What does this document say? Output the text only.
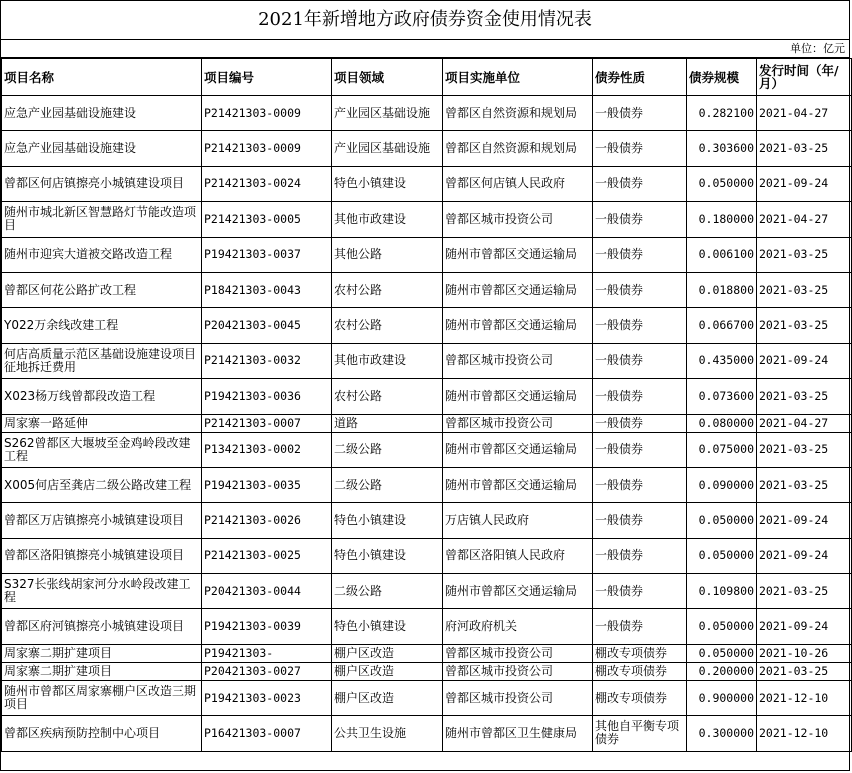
2021年新增地方政府债券资金使用情况表
单位：亿元
项目名称	项目编号	项目领域	项目实施单位	债券性质	债券规模	发行时间（年/月）
应急产业园基础设施建设	P21421303-0009	产业园区基础设施	曾都区自然资源和规划局	一般债券	0.282100	2021-04-27
应急产业园基础设施建设	P21421303-0009	产业园区基础设施	曾都区自然资源和规划局	一般债券	0.303600	2021-03-25
曾都区何店镇擦亮小城镇建设项目	P21421303-0024	特色小镇建设	曾都区何店镇人民政府	一般债券	0.050000	2021-09-24
随州市城北新区智慧路灯节能改造项目	P21421303-0005	其他市政建设	曾都区城市投资公司	一般债券	0.180000	2021-04-27
随州市迎宾大道被交路改造工程	P19421303-0037	其他公路	随州市曾都区交通运输局	一般债券	0.006100	2021-03-25
曾都区何花公路扩改工程	P18421303-0043	农村公路	随州市曾都区交通运输局	一般债券	0.018800	2021-03-25
Y022万余线改建工程	P20421303-0045	农村公路	随州市曾都区交通运输局	一般债券	0.066700	2021-03-25
何店高质量示范区基础设施建设项目征地拆迁费用	P21421303-0032	其他市政建设	曾都区城市投资公司	一般债券	0.435000	2021-09-24
X023杨万线曾都段改造工程	P19421303-0036	农村公路	随州市曾都区交通运输局	一般债券	0.073600	2021-03-25
周家寨一路延伸	P21421303-0007	道路	曾都区城市投资公司	一般债券	0.080000	2021-04-27
S262曾都区大堰坡至金鸡岭段改建工程	P13421303-0002	二级公路	随州市曾都区交通运输局	一般债券	0.075000	2021-03-25
X005何店至龚店二级公路改建工程	P19421303-0035	二级公路	随州市曾都区交通运输局	一般债券	0.090000	2021-03-25
曾都区万店镇擦亮小城镇建设项目	P21421303-0026	特色小镇建设	万店镇人民政府	一般债券	0.050000	2021-09-24
曾都区洛阳镇擦亮小城镇建设项目	P21421303-0025	特色小镇建设	曾都区洛阳镇人民政府	一般债券	0.050000	2021-09-24
S327长张线胡家河分水岭段改建工程	P20421303-0044	二级公路	随州市曾都区交通运输局	一般债券	0.109800	2021-03-25
曾都区府河镇擦亮小城镇建设项目	P19421303-0039	特色小镇建设	府河政府机关	一般债券	0.050000	2021-09-24
周家寨二期扩建项目	P19421303-	棚户区改造	曾都区城市投资公司	棚改专项债券	0.050000	2021-10-26
周家寨二期扩建项目	P20421303-0027	棚户区改造	曾都区城市投资公司	棚改专项债券	0.200000	2021-03-25
随州市曾都区周家寨棚户区改造三期项目	P19421303-0023	棚户区改造	曾都区城市投资公司	棚改专项债券	0.900000	2021-12-10
曾都区疾病预防控制中心项目	P16421303-0007	公共卫生设施	随州市曾都区卫生健康局	其他自平衡专项债券	0.300000	2021-12-10
